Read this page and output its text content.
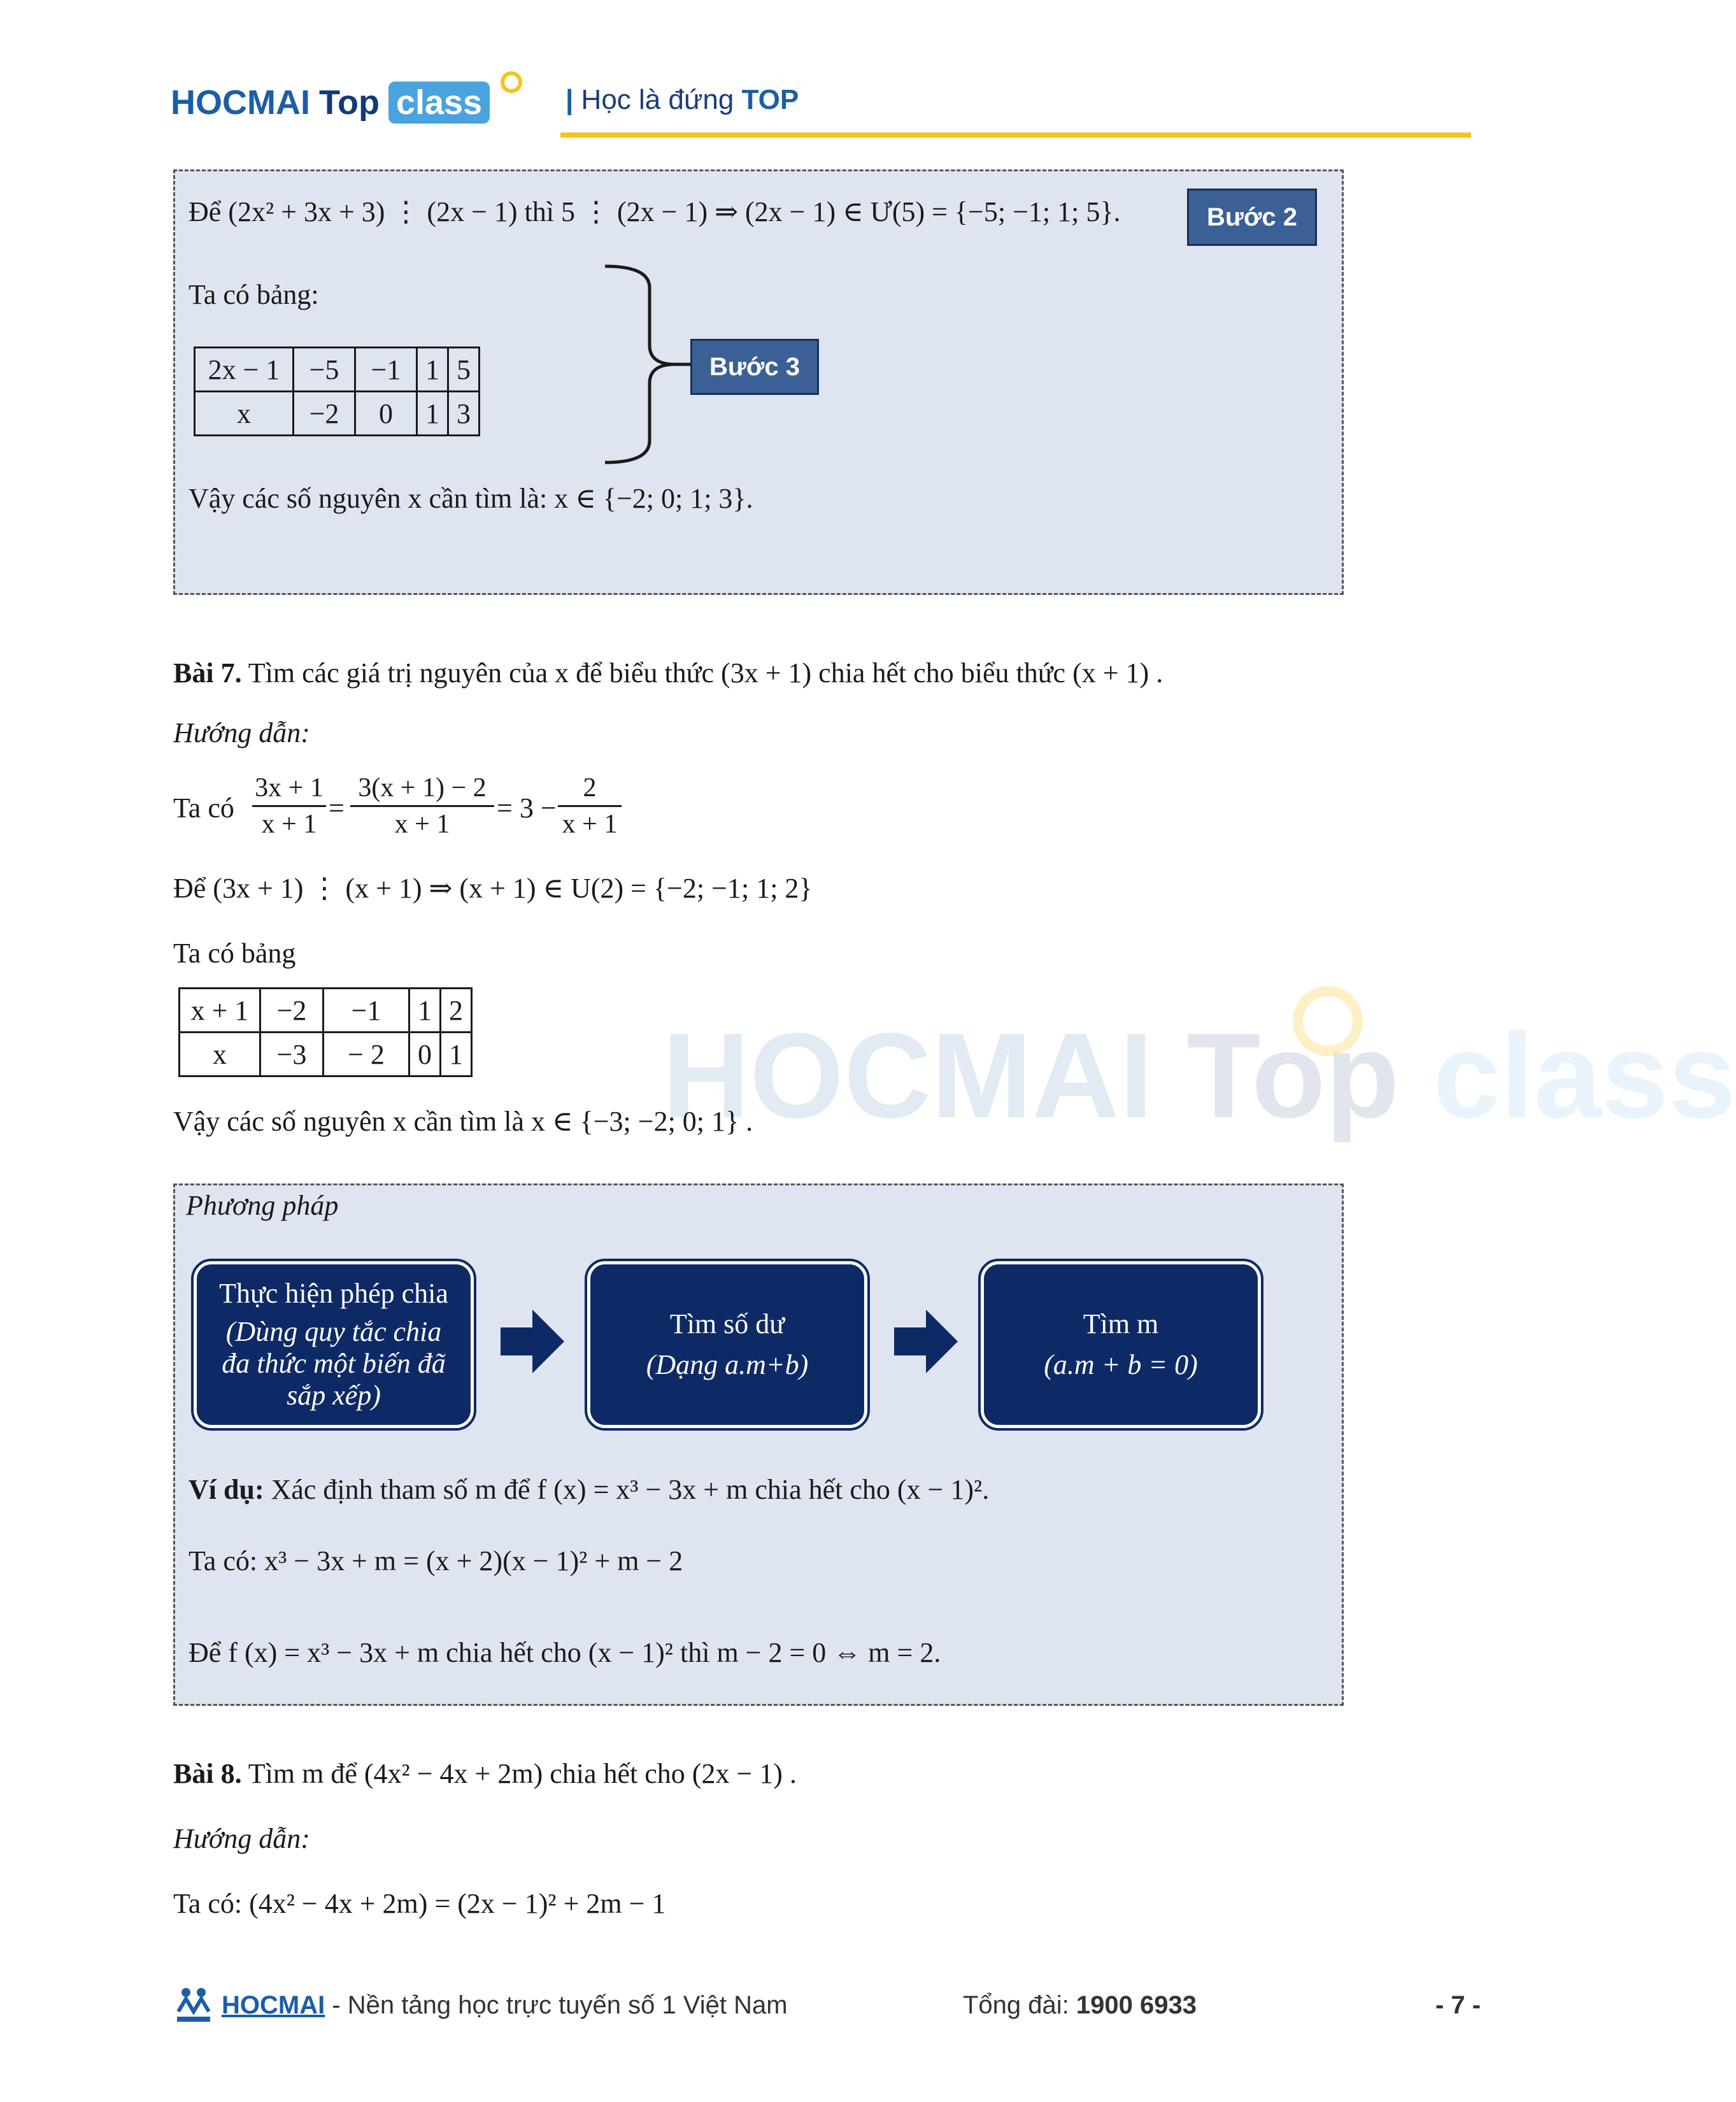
HOCMAI Top class	| Học là đứng TOP
Để (2x² + 3x + 3) ⋮ (2x − 1) thì 5 ⋮ (2x − 1) ⇒ (2x − 1) ∈ Ư(5) = {−5; −1; 1; 5}.	Bước 2
Ta có bảng:
2x − 1	−5	−1	1	5
x	−2	0	1	3
Bước 3
Vậy các số nguyên x cần tìm là: x ∈ {−2; 0; 1; 3}.
HOCMAI Top class
Bài 7. Tìm các giá trị nguyên của x để biểu thức (3x + 1) chia hết cho biểu thức (x + 1) .
Hướng dẫn:
Ta có
3x + 1
x + 1
=
3(x + 1) − 2
x + 1
= 3 −
2
x + 1
Để (3x + 1) ⋮ (x + 1) ⇒ (x + 1) ∈ U(2) = {−2; −1; 1; 2}
Ta có bảng
x + 1	−2	−1	1	2
x	−3	− 2	0	1
Vậy các số nguyên x cần tìm là x ∈ {−3; −2; 0; 1} .
Phương pháp
Thực hiện phép chia
(Dùng quy tắc chia đa thức một biến đã sắp xếp)
Tìm số dư
(Dạng a.m+b)
Tìm m
(a.m + b = 0)
Ví dụ: Xác định tham số m để f (x) = x³ − 3x + m chia hết cho (x − 1)².
Ta có: x³ − 3x + m = (x + 2)(x − 1)² + m − 2
Để f (x) = x³ − 3x + m chia hết cho (x − 1)² thì m − 2 = 0 ⇔ m = 2.
Bài 8. Tìm m để (4x² − 4x + 2m) chia hết cho (2x − 1) .
Hướng dẫn:
Ta có: (4x² − 4x + 2m) = (2x − 1)² + 2m − 1
HOCMAI - Nền tảng học trực tuyến số 1 Việt Nam	Tổng đài: 1900 6933	- 7 -
